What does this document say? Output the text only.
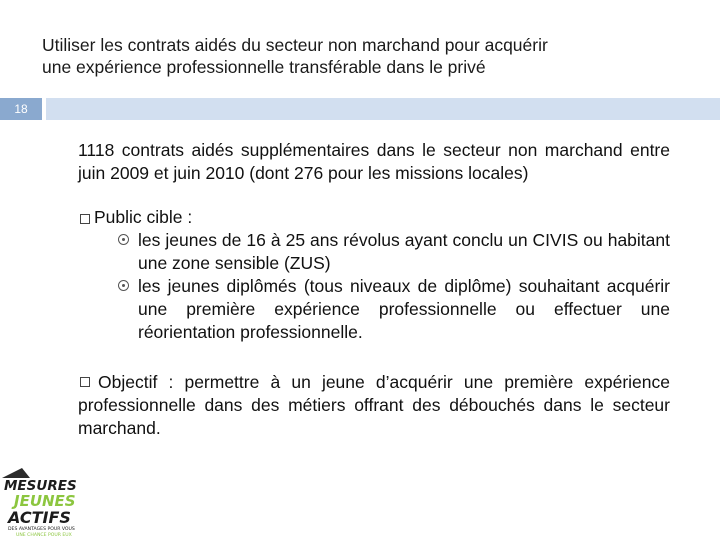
Utiliser les contrats aidés du secteur non marchand pour acquérir
une expérience professionnelle transférable dans le privé
18

1118 contrats aidés supplémentaires dans le secteur non marchand entre juin 2009 et juin 2010 (dont 276 pour les missions locales)

Public cible :
les jeunes de 16 à 25 ans révolus ayant conclu un CIVIS ou habitant une zone sensible (ZUS)
les jeunes diplômés (tous niveaux de diplôme) souhaitant acquérir une première expérience professionnelle ou effectuer une réorientation professionnelle.
Objectif : permettre à un jeune d’acquérir une première expérience professionnelle dans des métiers offrant des débouchés dans le secteur marchand.
MESURES
JEUNES
ACTIFS
DES AVANTAGES POUR VOUS
UNE CHANCE POUR EUX
